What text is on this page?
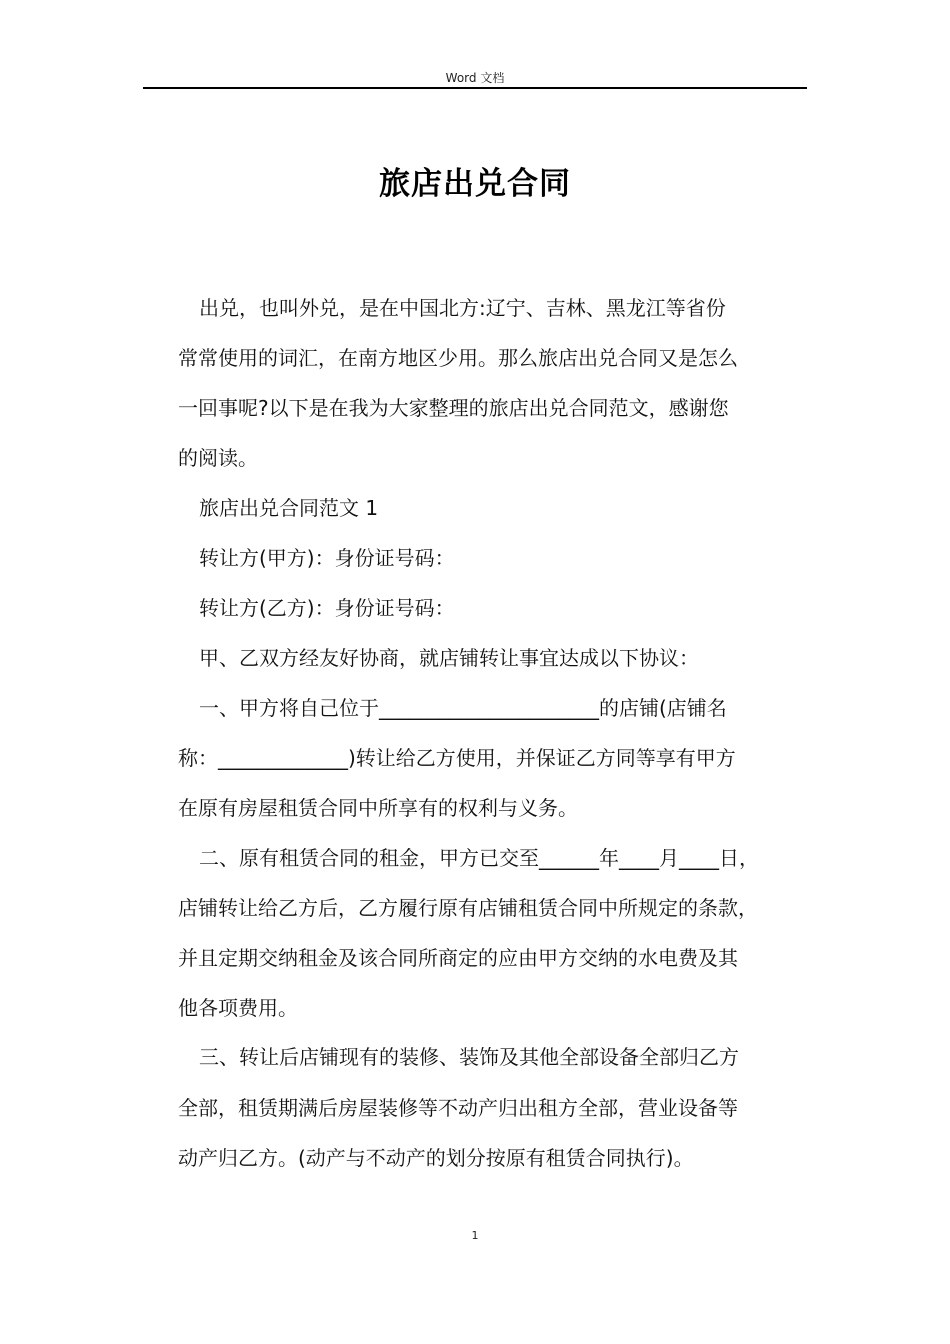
Word 文档
旅店出兑合同
出兑，也叫外兑，是在中国北方:辽宁、吉林、黑龙江等省份
常常使用的词汇，在南方地区少用。那么旅店出兑合同又是怎么
一回事呢?以下是在我为大家整理的旅店出兑合同范文，感谢您
的阅读。
旅店出兑合同范文 1
转让方(甲方)：身份证号码：
转让方(乙方)：身份证号码：
甲、乙双方经友好协商，就店铺转让事宜达成以下协议：
一、甲方将自己位于______________________的店铺(店铺名
称：_____________)转让给乙方使用，并保证乙方同等享有甲方
在原有房屋租赁合同中所享有的权利与义务。
二、原有租赁合同的租金，甲方已交至______年____月____日，
店铺转让给乙方后，乙方履行原有店铺租赁合同中所规定的条款，
并且定期交纳租金及该合同所商定的应由甲方交纳的水电费及其
他各项费用。
三、转让后店铺现有的装修、装饰及其他全部设备全部归乙方
全部，租赁期满后房屋装修等不动产归出租方全部，营业设备等
动产归乙方。(动产与不动产的划分按原有租赁合同执行)。
1
